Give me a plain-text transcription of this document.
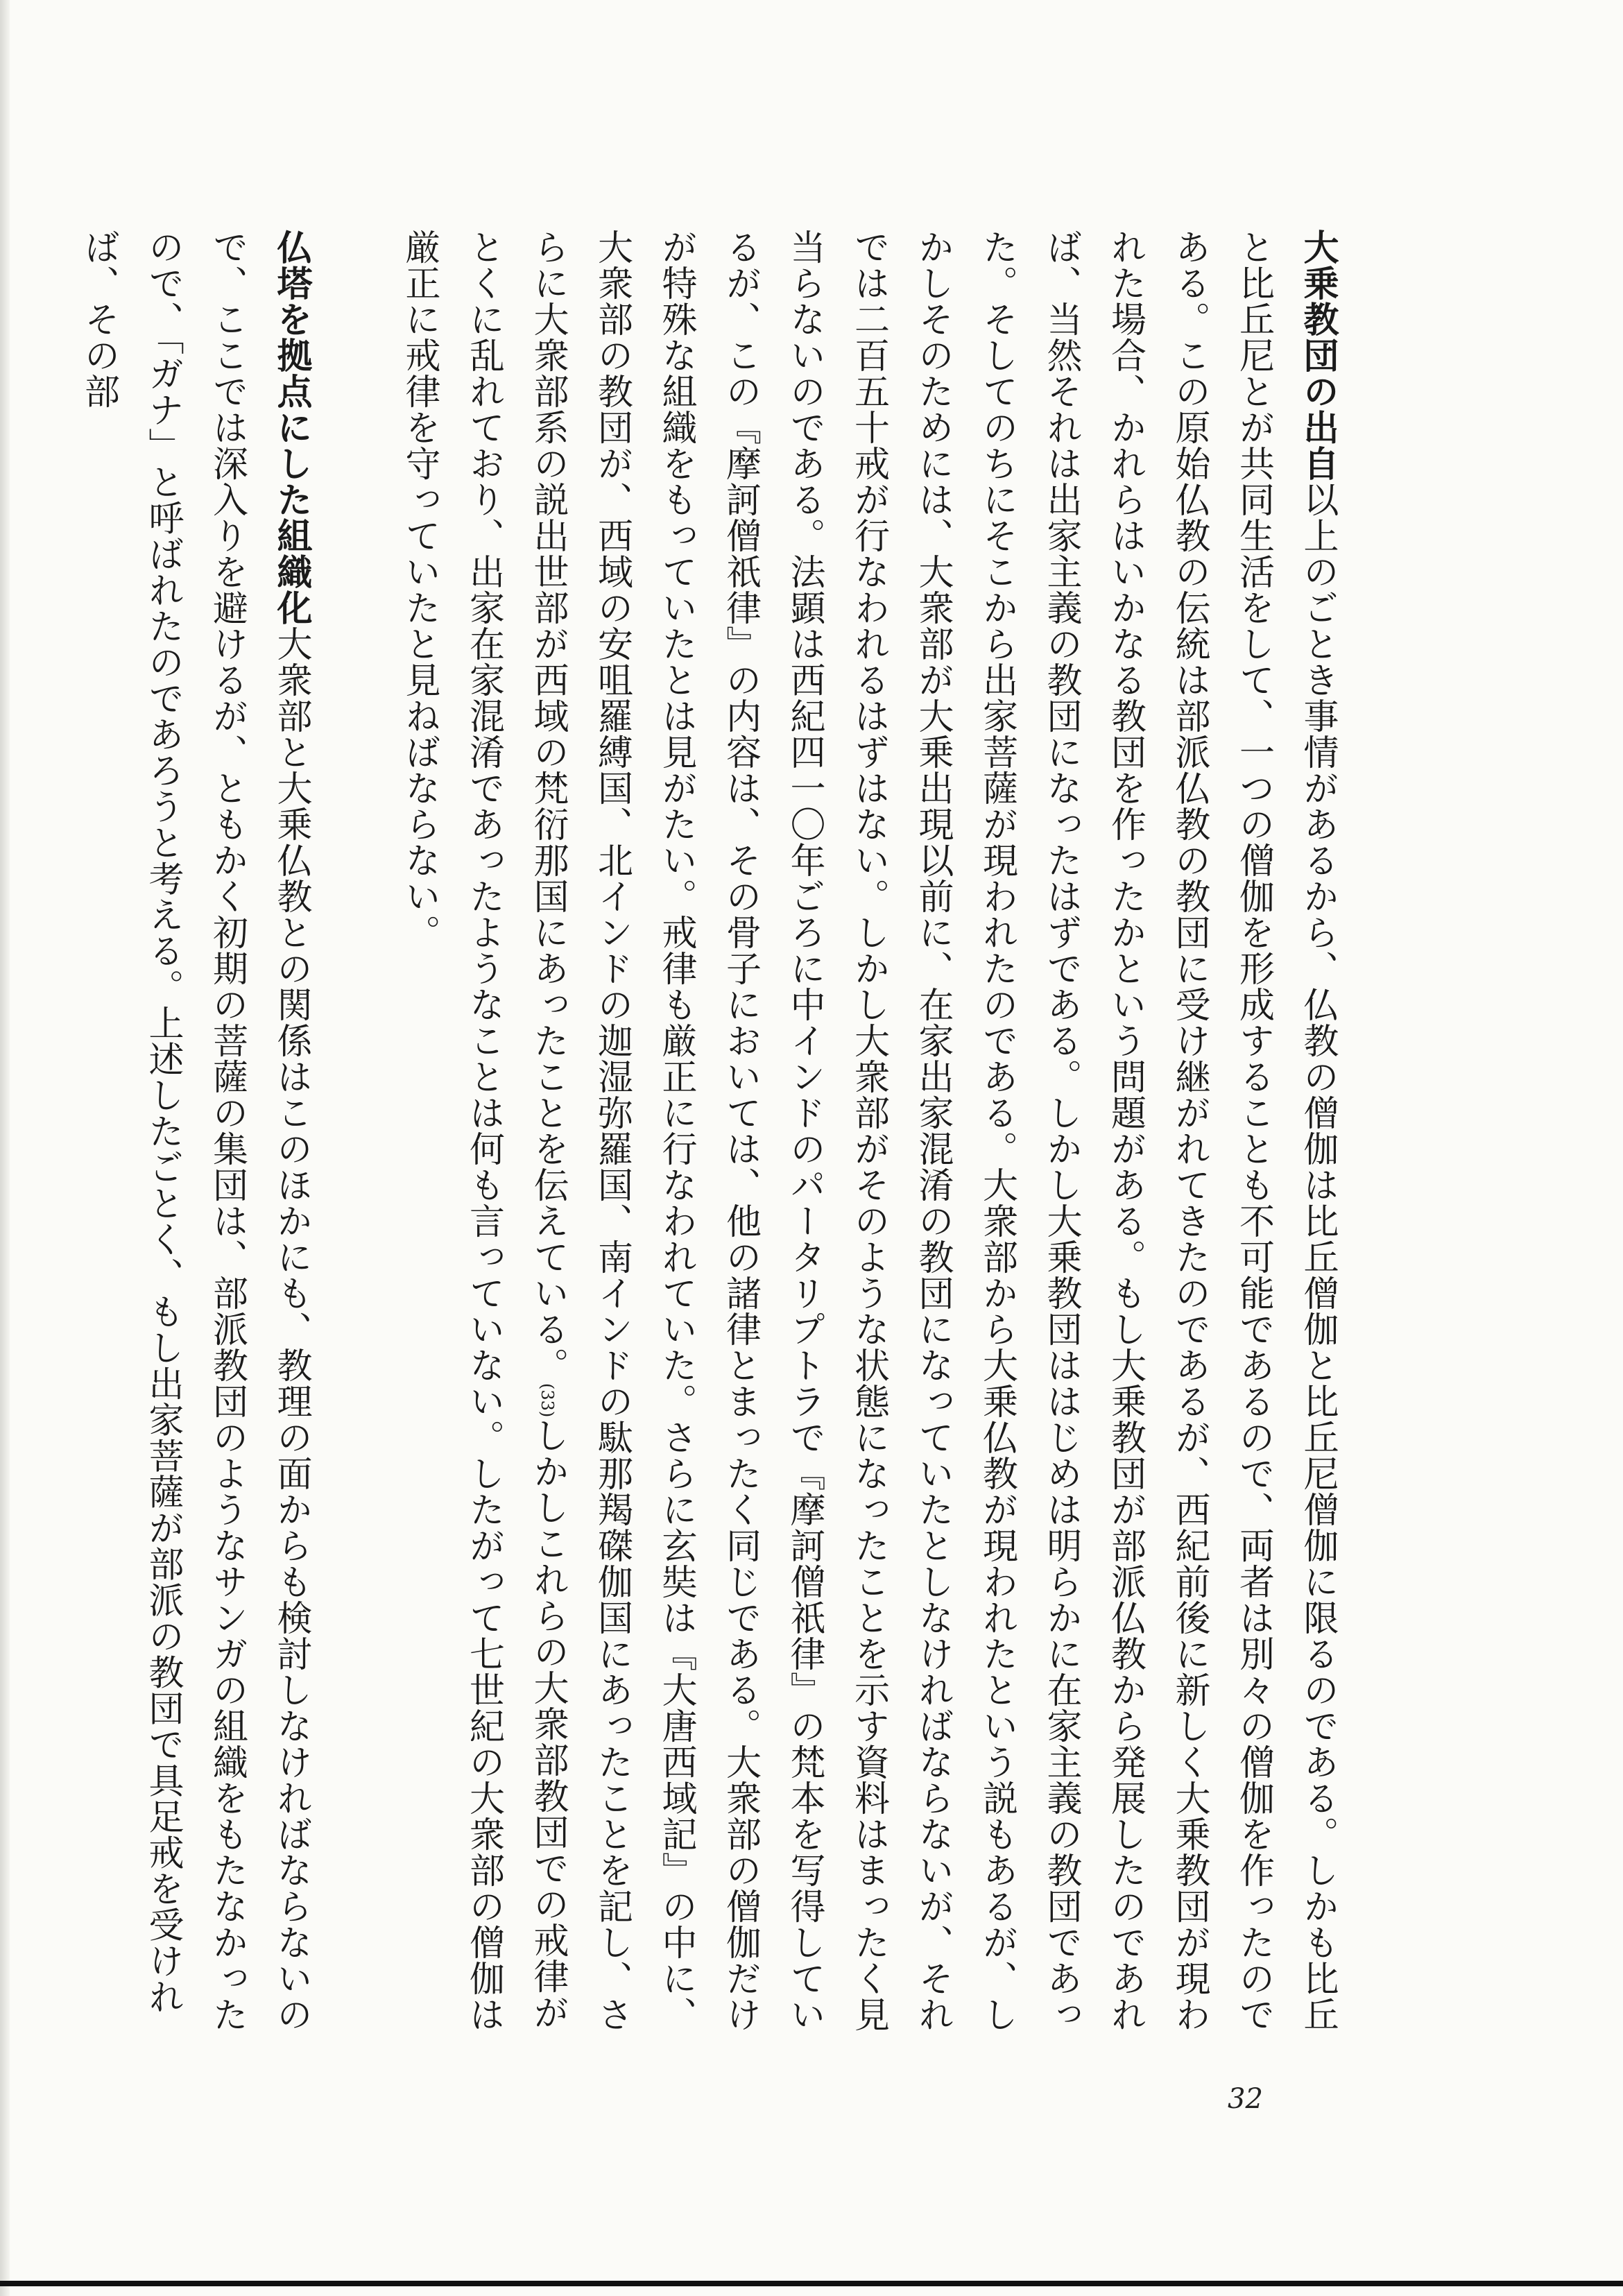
大乗教団の出自以上のごとき事情があるから、仏教の僧伽は比丘僧伽と比丘尼僧伽に限るのである。しかも比丘と比丘尼とが共同生活をして、一つの僧伽を形成することも不可能であるので、両者は別々の僧伽を作ったのである。この原始仏教の伝統は部派仏教の教団に受け継がれてきたのであるが、西紀前後に新しく大乗教団が現われた場合、かれらはいかなる教団を作ったかという問題がある。もし大乗教団が部派仏教から発展したのであれば、当然それは出家主義の教団になったはずである。しかし大乗教団ははじめは明らかに在家主義の教団であった。そしてのちにそこから出家菩薩が現われたのである。大衆部から大乗仏教が現われたという説もあるが、しかしそのためには、大衆部が大乗出現以前に、在家出家混淆の教団になっていたとしなければならないが、それでは二百五十戒が行なわれるはずはない。しかし大衆部がそのような状態になったことを示す資料はまったく見当らないのである。法顕は西紀四一〇年ごろに中インドのパータリプトラで『摩訶僧祇律』の梵本を写得しているが、この『摩訶僧祇律』の内容は、その骨子においては、他の諸律とまったく同じである。大衆部の僧伽だけが特殊な組織をもっていたとは見がたい。戒律も厳正に行なわれていた。さらに玄奘は『大唐西域記』の中に、大衆部の教団が、西域の安咀羅縛国、北インドの迦湿弥羅国、南インドの駄那羯磔伽国にあったことを記し、さらに大衆部系の説出世部が西域の梵衍那国にあったことを伝えている。(33)しかしこれらの大衆部教団での戒律がとくに乱れており、出家在家混淆であったようなことは何も言っていない。したがって七世紀の大衆部の僧伽は厳正に戒律を守っていたと見ねばならない。

仏塔を拠点にした組織化大衆部と大乗仏教との関係はこのほかにも、教理の面からも検討しなければならないので、ここでは深入りを避けるが、ともかく初期の菩薩の集団は、部派教団のようなサンガの組織をもたなかったので、「ガナ」と呼ばれたのであろうと考える。上述したごとく、もし出家菩薩が部派の教団で具足戒を受ければ、その部

32
